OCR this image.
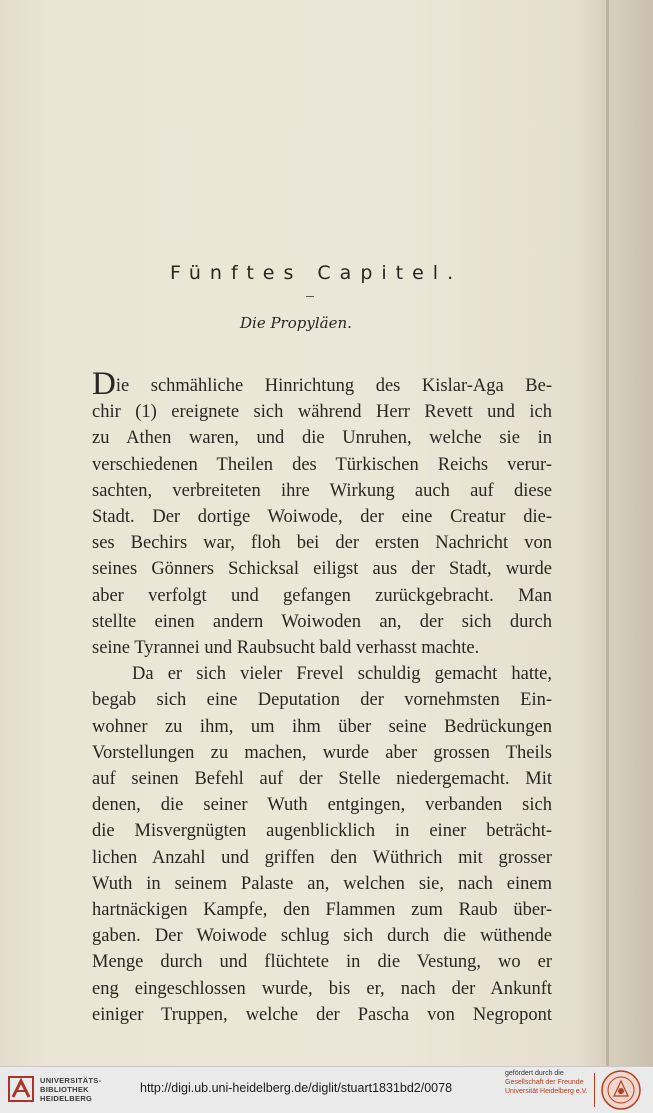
Fünftes Capitel.
Die Propyläen.
Die schmähliche Hinrichtung des Kislar-Aga Be-
chir (1) ereignete sich während Herr Revett und ich
zu Athen waren, und die Unruhen, welche sie in
verschiedenen Theilen des Türkischen Reichs verur-
sachten, verbreiteten ihre Wirkung auch auf diese
Stadt. Der dortige Woiwode, der eine Creatur die-
ses Bechirs war, floh bei der ersten Nachricht von
seines Gönners Schicksal eiligst aus der Stadt, wurde
aber verfolgt und gefangen zurückgebracht. Man
stellte einen andern Woiwoden an, der sich durch
seine Tyrannei und Raubsucht bald verhasst machte.
Da er sich vieler Frevel schuldig gemacht hatte,
begab sich eine Deputation der vornehmsten Ein-
wohner zu ihm, um ihm über seine Bedrückungen
Vorstellungen zu machen, wurde aber grossen Theils
auf seinen Befehl auf der Stelle niedergemacht. Mit
denen, die seiner Wuth entgingen, verbanden sich
die Misvergnügten augenblicklich in einer beträcht-
lichen Anzahl und griffen den Wüthrich mit grosser
Wuth in seinem Palaste an, welchen sie, nach einem
hartnäckigen Kampfe, den Flammen zum Raub über-
gaben. Der Woiwode schlug sich durch die wüthende
Menge durch und flüchtete in die Vestung, wo er
eng eingeschlossen wurde, bis er, nach der Ankunft
einiger Truppen, welche der Pascha von Negropont
UNIVERSITÄTS-
BIBLIOTHEK
HEIDELBERG
http://digi.ub.uni-heidelberg.de/diglit/stuart1831bd2/0078
gefördert durch die
Gesellschaft der Freunde
Universität Heidelberg e.V.
